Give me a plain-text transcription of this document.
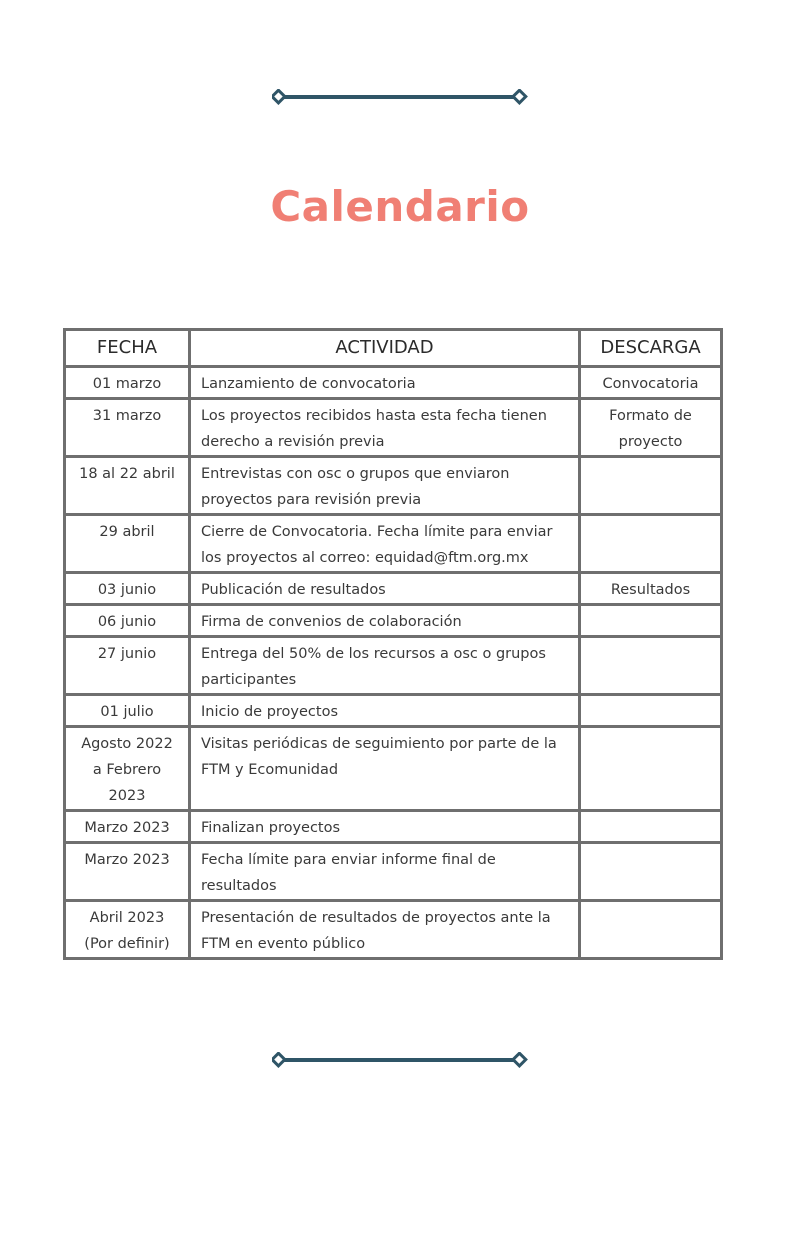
Calendario
FECHA	ACTIVIDAD	DESCARGA
01 marzo	Lanzamiento de convocatoria	Convocatoria
31 marzo	Los proyectos recibidos hasta esta fecha tienen derecho a revisión previa	Formato de proyecto
18 al 22 abril	Entrevistas con osc o grupos que enviaron proyectos para revisión previa	
29 abril	Cierre de Convocatoria. Fecha límite para enviar los proyectos al correo: equidad@ftm.org.mx	
03 junio	Publicación de resultados	Resultados
06 junio	Firma de convenios de colaboración	
27 junio	Entrega del 50% de los recursos a osc o grupos participantes	
01 julio	Inicio de proyectos	
Agosto 2022 a Febrero 2023	Visitas periódicas de seguimiento por parte de la FTM y Ecomunidad	
Marzo 2023	Finalizan proyectos	
Marzo 2023	Fecha límite para enviar informe final de resultados	
Abril 2023 (Por definir)	Presentación de resultados de proyectos ante la FTM en evento público	
